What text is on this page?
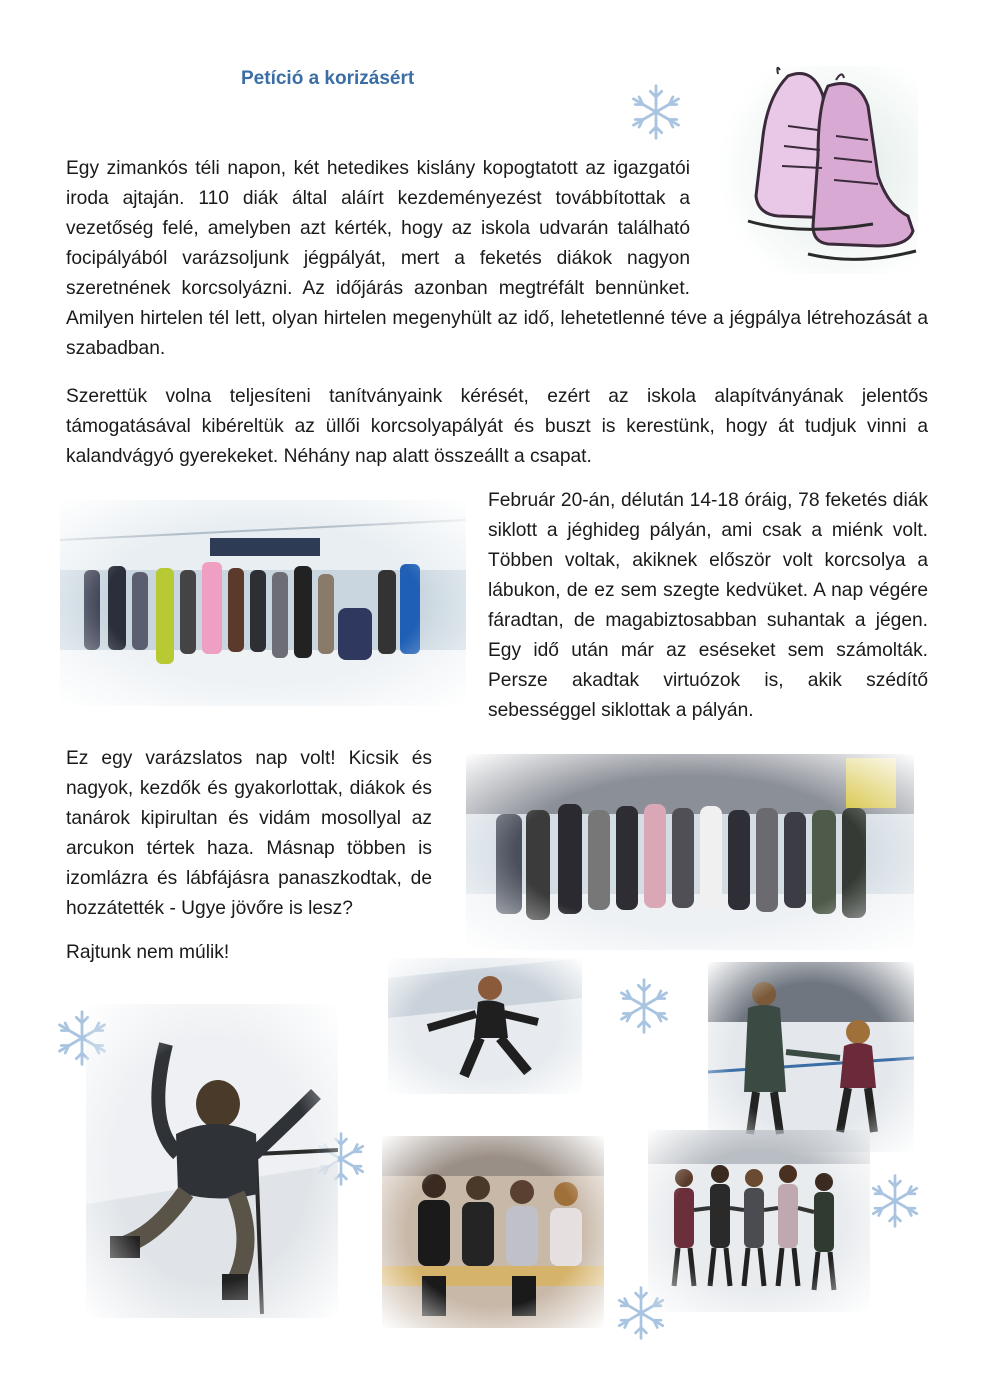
Petíció a korizásért

Egy zimankós téli napon, két hetedikes kislány kopogtatott az igazgatói iroda ajtaján. 110 diák által aláírt kezdeményezést továbbítottak a vezetőség felé, amelyben azt kérték, hogy az iskola udvarán található focipályából varázsoljunk jégpályát, mert a feketés diákok nagyon szeretnének korcsolyázni. Az időjárás azonban megtréfált bennünket. Amilyen hirtelen tél lett, olyan hirtelen megenyhült az idő, lehetetlenné téve a jégpálya létrehozását a szabadban.

Szerettük volna teljesíteni tanítványaink kérését, ezért az iskola alapítványának jelentős támogatásával kibéreltük az üllői korcsolyapályát és buszt is kerestünk, hogy át tudjuk vinni a kalandvágyó gyerekeket. Néhány nap alatt összeállt a csapat.

Február 20-án, délután 14-18 óráig, 78 feketés diák siklott a jéghideg pályán, ami csak a miénk volt. Többen voltak, akiknek először volt korcsolya a lábukon, de ez sem szegte kedvüket. A nap végére fáradtan, de magabiztosabban suhantak a jégen. Egy idő után már az eséseket sem számolták. Persze akadtak virtuózok is, akik szédítő sebességgel siklottak a pályán.

Ez egy varázslatos nap volt! Kicsik és nagyok, kezdők és gyakorlottak, diákok és tanárok kipirultan és vidám mosollyal az arcukon tértek haza. Másnap többen is izomlázra és lábfájásra panaszkodtak, de hozzátették - Ugye jövőre is lesz?

Rajtunk nem múlik!
